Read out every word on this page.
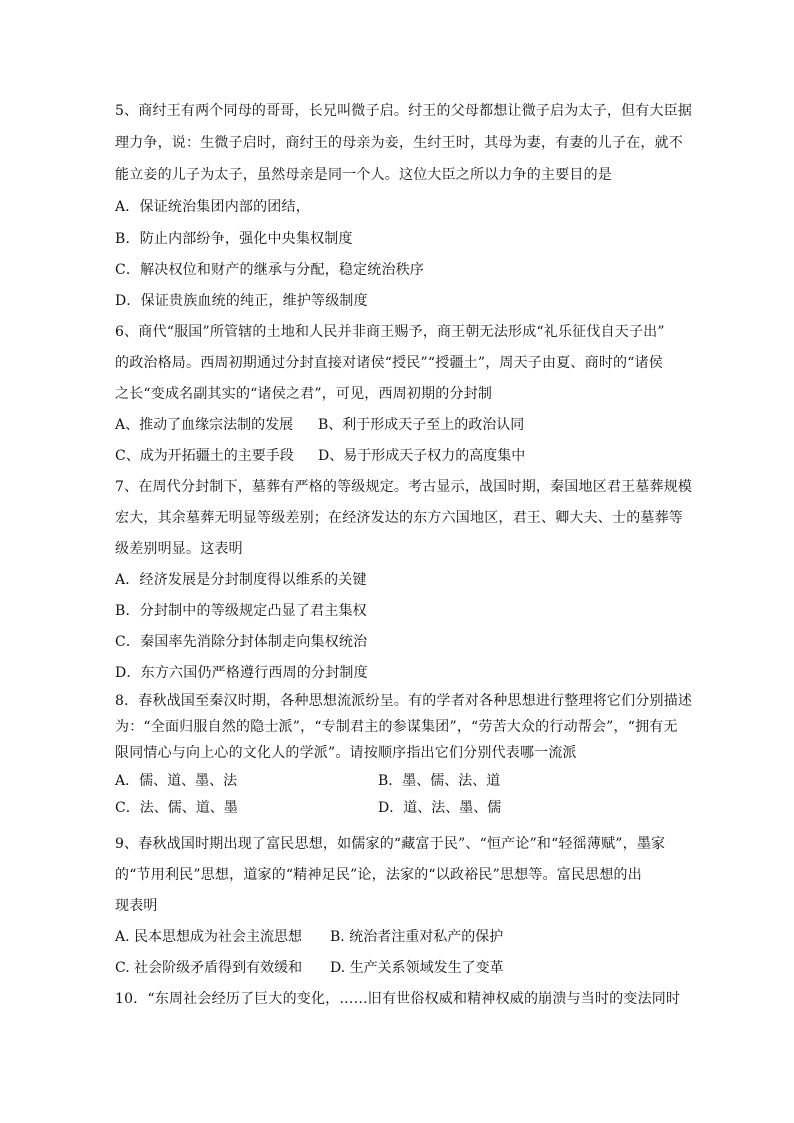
5、商纣王有两个同母的哥哥，长兄叫微子启。纣王的父母都想让微子启为太子，但有大臣据
理力争，说：生微子启时，商纣王的母亲为妾，生纣王时，其母为妻，有妻的儿子在，就不
能立妾的儿子为太子，虽然母亲是同一个人。这位大臣之所以力争的主要目的是
A．保证统治集团内部的团结，
B．防止内部纷争，强化中央集权制度
C．解决权位和财产的继承与分配，稳定统治秩序
D．保证贵族血统的纯正，维护等级制度
6、商代“服国”所管辖的土地和人民并非商王赐予，商王朝无法形成“礼乐征伐自天子出”
的政治格局。西周初期通过分封直接对诸侯“授民”“授疆土”，周天子由夏、商时的“诸侯
之长“变成名副其实的“诸侯之君”，可见，西周初期的分封制
A、推动了血缘宗法制的发展 B、利于形成天子至上的政治认同
C、成为开拓疆土的主要手段 D、易于形成天子权力的高度集中
7、在周代分封制下，墓葬有严格的等级规定。考古显示，战国时期，秦国地区君王墓葬规模
宏大，其余墓葬无明显等级差别；在经济发达的东方六国地区，君王、卿大夫、士的墓葬等
级差别明显。这表明
A．经济发展是分封制度得以维系的关键
B．分封制中的等级规定凸显了君主集权
C．秦国率先消除分封体制走向集权统治
D．东方六国仍严格遵行西周的分封制度
8．春秋战国至秦汉时期，各种思想流派纷呈。有的学者对各种思想进行整理将它们分别描述
为：“全面归服自然的隐士派”，“专制君主的参谋集团”，“劳苦大众的行动帮会”，“拥有无
限同情心与向上心的文化人的学派”。请按顺序指出它们分别代表哪一流派
A．儒、道、墨、法	B．墨、儒、法、道
C．法、儒、道、墨	D．道、法、墨、儒
9、春秋战国时期出现了富民思想，如儒家的“藏富于民”、“恒产论”和“轻徭薄赋”，墨家
的“节用利民”思想，道家的“精神足民”论，法家的“以政裕民”思想等。富民思想的出
现表明
A. 民本思想成为社会主流思想 B. 统治者注重对私产的保护
C. 社会阶级矛盾得到有效缓和 D. 生产关系领域发生了变革
10．“东周社会经历了巨大的变化，……旧有世俗权威和精神权威的崩溃与当时的变法同时
